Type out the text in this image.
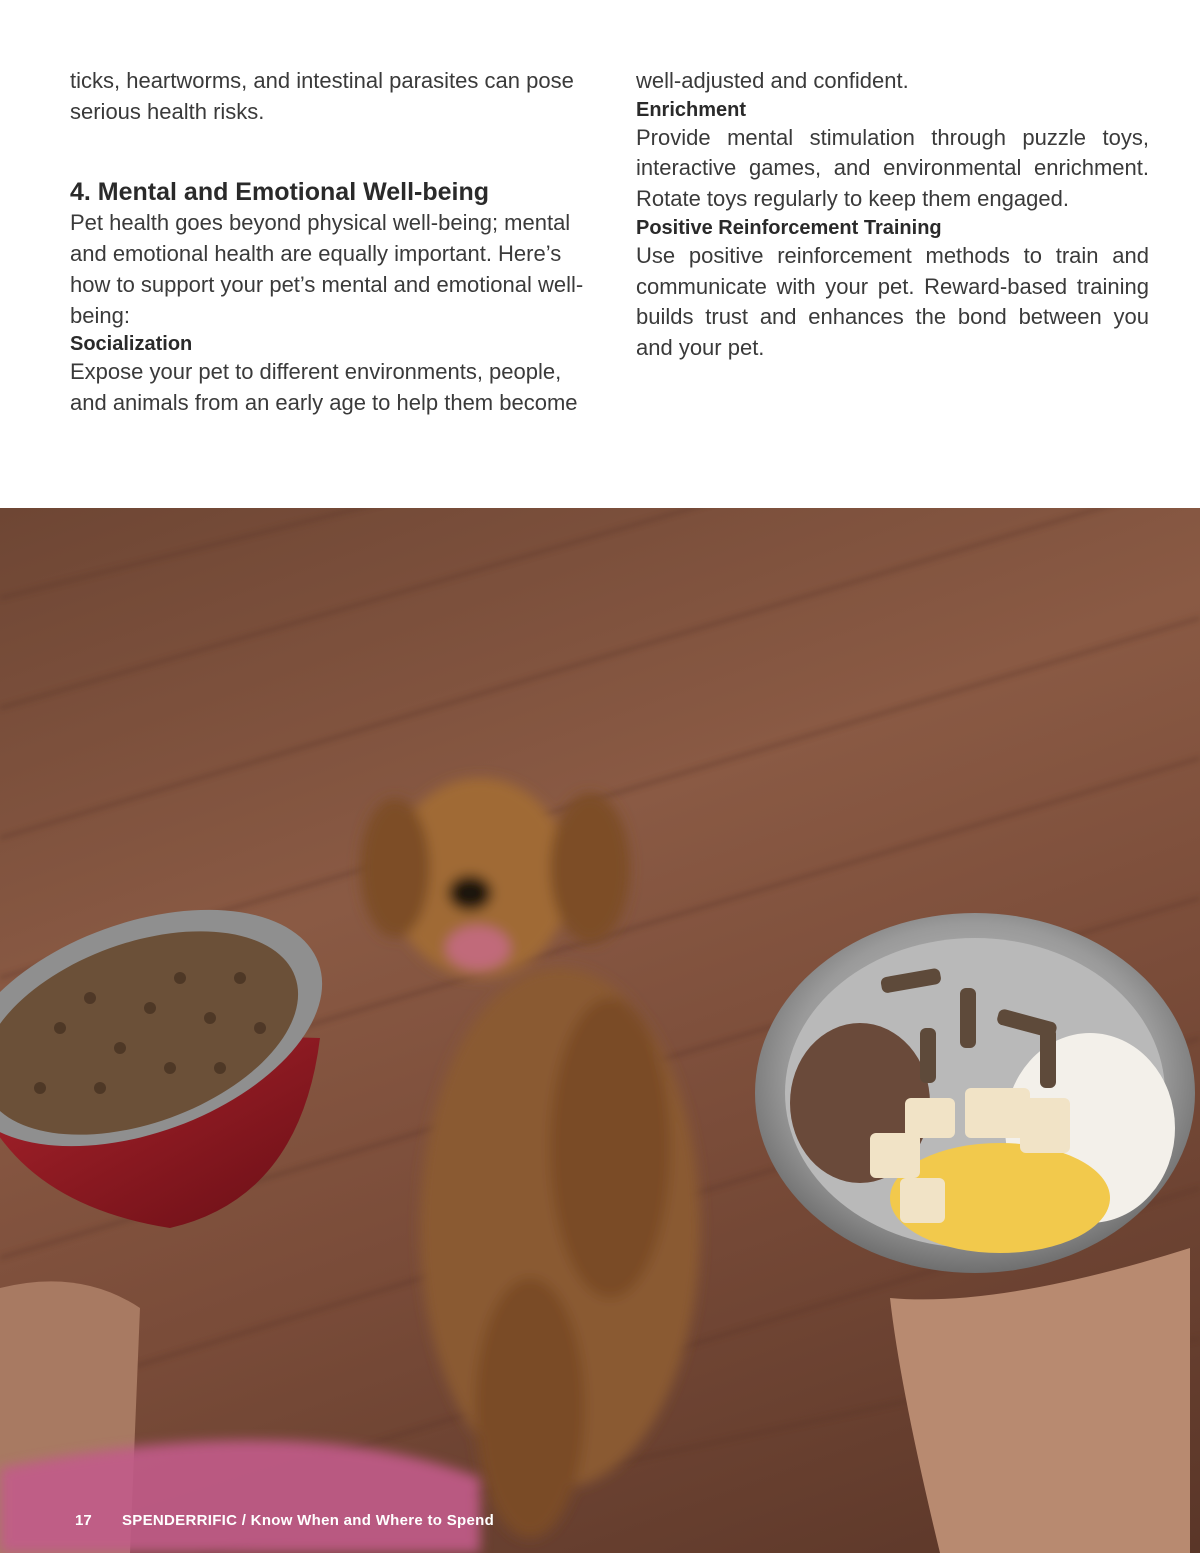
ticks, heartworms, and intestinal parasites can pose serious health risks.

4. Mental and Emotional Well-being

Pet health goes beyond physical well-being; mental and emotional health are equally important. Here’s how to support your pet’s mental and emotional well-being:

Socialization

Expose your pet to different environments, people, and animals from an early age to help them become

well-adjusted and confident.

Enrichment

Provide mental stimulation through puzzle toys, interactive games, and environmental enrichment. Rotate toys regularly to keep them engaged.

Positive Reinforcement Training

Use positive reinforcement methods to train and communicate with your pet. Reward-based training builds trust and enhances the bond between you and your pet.

17 SPENDERRIFIC / Know When and Where to Spend
